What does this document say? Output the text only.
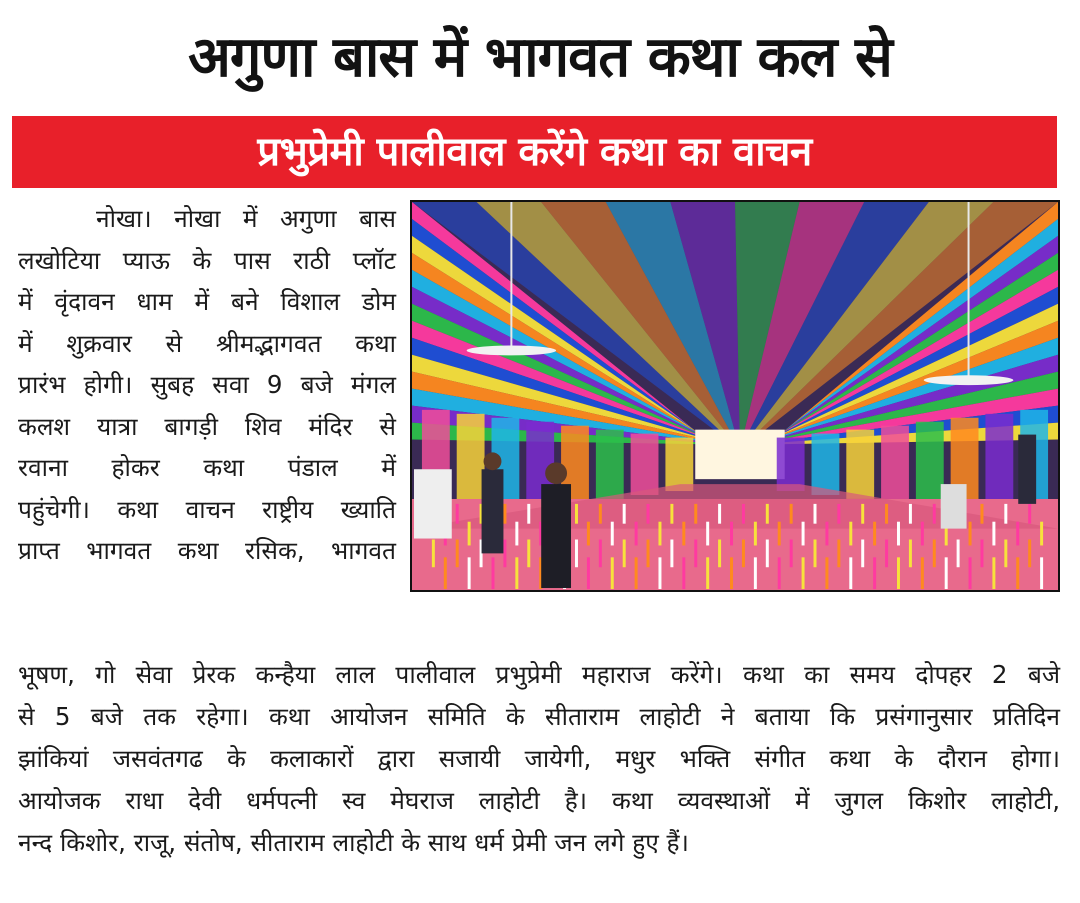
अगुणा बास में भागवत कथा कल से
प्रभुप्रेमी पालीवाल करेंगे कथा का वाचन
नोखा। नोखा में अगुणा बास
लखोटिया प्याऊ के पास राठी प्लॉट
में वृंदावन धाम में बने विशाल डोम
में शुक्रवार से श्रीमद्भागवत कथा
प्रारंभ होगी। सुबह सवा 9 बजे मंगल
कलश यात्रा बागड़ी शिव मंदिर से
रवाना होकर कथा पंडाल में
पहुंचेगी। कथा वाचन राष्ट्रीय ख्याति
प्राप्त भागवत कथा रसिक, भागवत
भूषण, गो सेवा प्रेरक कन्हैया लाल पालीवाल प्रभुप्रेमी महाराज करेंगे। कथा का समय दोपहर 2 बजे
से 5 बजे तक रहेगा। कथा आयोजन समिति के सीताराम लाहोटी ने बताया कि प्रसंगानुसार प्रतिदिन
झांकियां जसवंतगढ के कलाकारों द्वारा सजायी जायेगी, मधुर भक्ति संगीत कथा के दौरान होगा।
आयोजक राधा देवी धर्मपत्नी स्व मेघराज लाहोटी है। कथा व्यवस्थाओं में जुगल किशोर लाहोटी,
नन्द किशोर, राजू, संतोष, सीताराम लाहोटी के साथ धर्म प्रेमी जन लगे हुए हैं।
